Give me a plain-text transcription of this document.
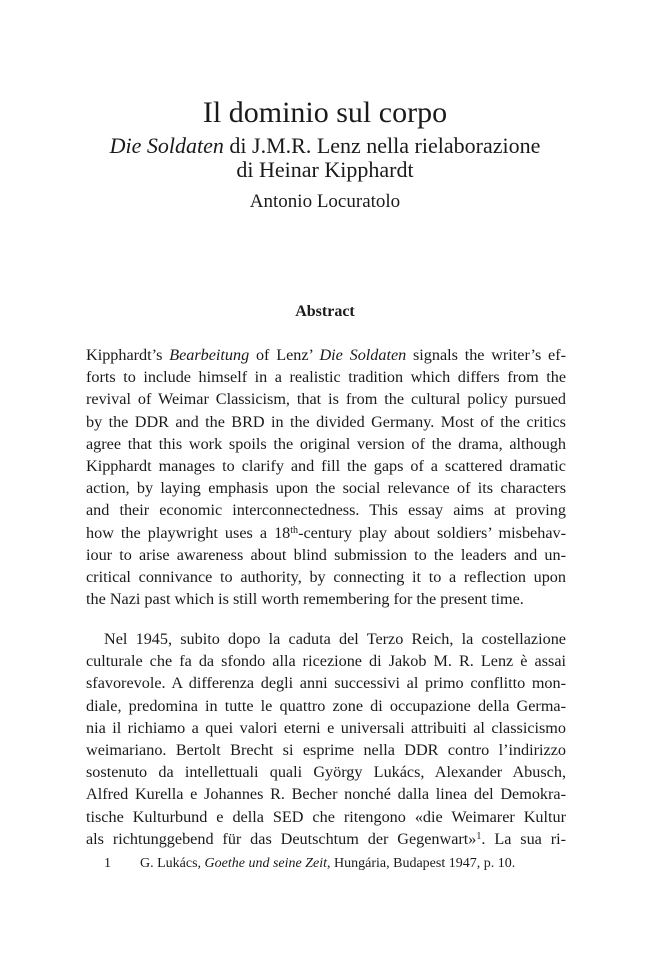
Il dominio sul corpo
Die Soldaten di J.M.R. Lenz nella rielaborazione
di Heinar Kipphardt
Antonio Locuratolo
Abstract
Kipphardt’s Bearbeitung of Lenz’ Die Soldaten signals the writer’s ef-
forts to include himself in a realistic tradition which differs from the
revival of Weimar Classicism, that is from the cultural policy pursued
by the DDR and the BRD in the divided Germany. Most of the critics
agree that this work spoils the original version of the drama, although
Kipphardt manages to clarify and fill the gaps of a scattered dramatic
action, by laying emphasis upon the social relevance of its characters
and their economic interconnectedness. This essay aims at proving
how the playwright uses a 18th-century play about soldiers’ misbehav-
iour to arise awareness about blind submission to the leaders and un-
critical connivance to authority, by connecting it to a reflection upon
the Nazi past which is still worth remembering for the present time.
Nel 1945, subito dopo la caduta del Terzo Reich, la costellazione
culturale che fa da sfondo alla ricezione di Jakob M. R. Lenz è assai
sfavorevole. A differenza degli anni successivi al primo conflitto mon-
diale, predomina in tutte le quattro zone di occupazione della Germa-
nia il richiamo a quei valori eterni e universali attribuiti al classicismo
weimariano. Bertolt Brecht si esprime nella DDR contro l’indirizzo
sostenuto da intellettuali quali György Lukács, Alexander Abusch,
Alfred Kurella e Johannes R. Becher nonché dalla linea del Demokra-
tische Kulturbund e della SED che ritengono «die Weimarer Kultur
als richtunggebend für das Deutschtum der Gegenwart»$^1$. La sua ri-
1 G. Lukács, Goethe und seine Zeit, Hungária, Budapest 1947, p. 10.
